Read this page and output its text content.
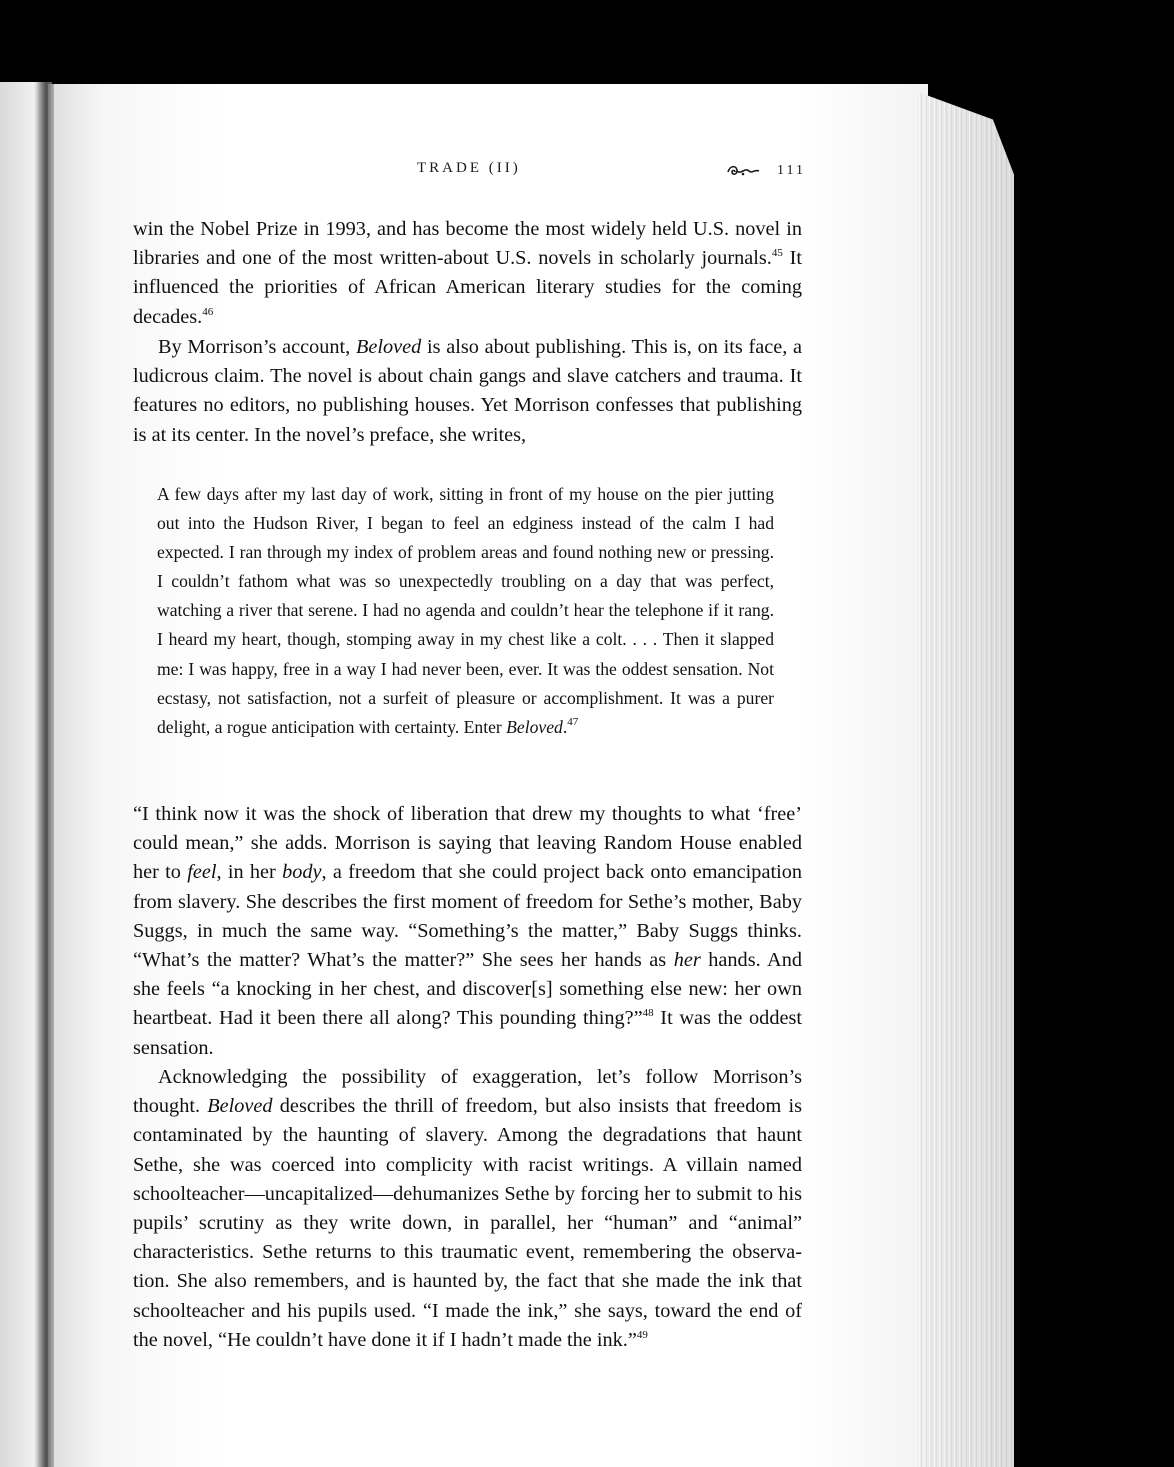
TRADE (II)	111

win the Nobel Prize in 1993, and has become the most widely held U.S. novel in libraries and one of the most written-about U.S. novels in scholarly journals.$^{45}$ It influenced the priorities of African American literary studies for the coming decades.$^{46}$

By Morrison’s account, Beloved is also about publishing. This is, on its face, a ludicrous claim. The novel is about chain gangs and slave catchers and trauma. It features no editors, no publishing houses. Yet Morrison confesses that publishing is at its center. In the novel’s preface, she writes,

A few days after my last day of work, sitting in front of my house on the pier jutting out into the Hudson River, I began to feel an edginess instead of the calm I had expected. I ran through my index of problem areas and found nothing new or pressing. I couldn’t fathom what was so unexpectedly troubling on a day that was perfect, watching a river that serene. I had no agenda and couldn’t hear the telephone if it rang. I heard my heart, though, stomping away in my chest like a colt. . . . Then it slapped me: I was happy, free in a way I had never been, ever. It was the oddest sensation. Not ecstasy, not satisfaction, not a surfeit of pleasure or accomplishment. It was a purer delight, a rogue anticipation with certainty. Enter Beloved.$^{47}$

“I think now it was the shock of liberation that drew my thoughts to what ‘free’ could mean,” she adds. Morrison is saying that leaving Random House enabled her to feel, in her body, a freedom that she could project back onto emancipation from slavery. She describes the first moment of freedom for Sethe’s mother, Baby Suggs, in much the same way. “Something’s the matter,” Baby Suggs thinks. “What’s the matter? What’s the matter?” She sees her hands as her hands. And she feels “a knocking in her chest, and discover[s] something else new: her own heartbeat. Had it been there all along? This pounding thing?”$^{48}$ It was the oddest sensation.

Acknowledging the possibility of exaggeration, let’s follow Morrison’s thought. Beloved describes the thrill of freedom, but also insists that freedom is contaminated by the haunting of slavery. Among the degradations that haunt Sethe, she was coerced into complicity with racist writings. A villain named schoolteacher—uncapitalized—dehumanizes Sethe by forcing her to submit to his pupils’ scrutiny as they write down, in parallel, her “human” and “animal” characteristics. Sethe returns to this traumatic event, remembering the observation. She also remembers, and is haunted by, the fact that she made the ink that schoolteacher and his pupils used. “I made the ink,” she says, toward the end of the novel, “He couldn’t have done it if I hadn’t made the ink.”$^{49}$
